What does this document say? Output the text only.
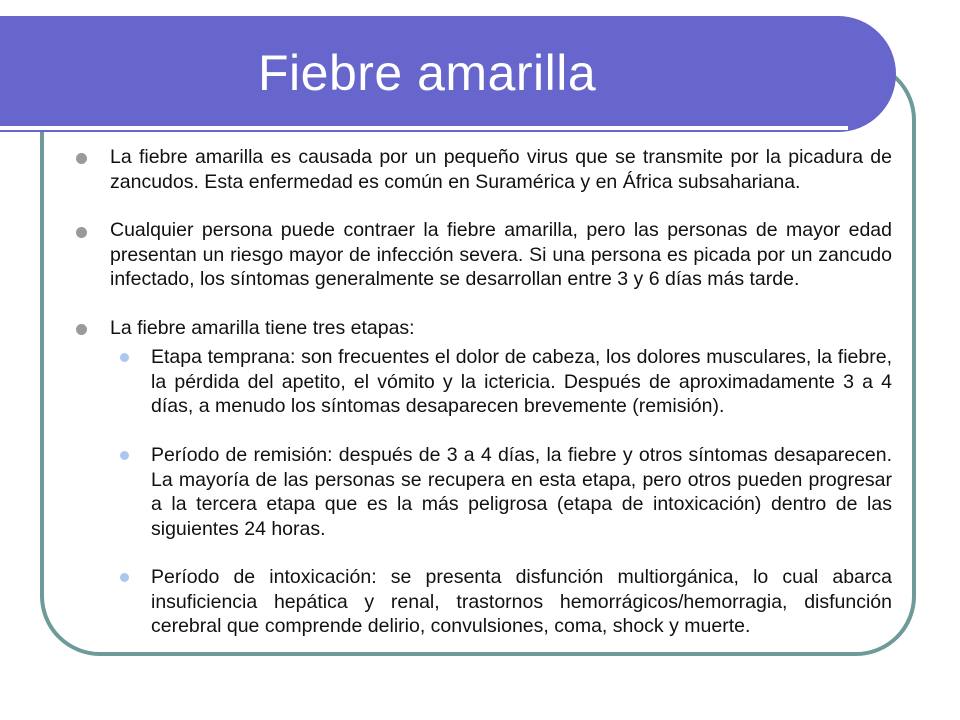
Fiebre amarilla

La fiebre amarilla es causada por un pequeño virus que se transmite por la picadura de zancudos. Esta enfermedad es común en Suramérica y en África subsahariana.

Cualquier persona puede contraer la fiebre amarilla, pero las personas de mayor edad presentan un riesgo mayor de infección severa. Si una persona es picada por un zancudo infectado, los síntomas generalmente se desarrollan entre 3 y 6 días más tarde.

La fiebre amarilla tiene tres etapas:

Etapa temprana: son frecuentes el dolor de cabeza, los dolores musculares, la fiebre, la pérdida del apetito, el vómito y la ictericia. Después de aproximadamente 3 a 4 días, a menudo los síntomas desaparecen brevemente (remisión).

Período de remisión: después de 3 a 4 días, la fiebre y otros síntomas desaparecen. La mayoría de las personas se recupera en esta etapa, pero otros pueden progresar a la tercera etapa que es la más peligrosa (etapa de intoxicación) dentro de las siguientes 24 horas.

Período de intoxicación: se presenta disfunción multiorgánica, lo cual abarca insuficiencia hepática y renal, trastornos hemorrágicos/hemorragia, disfunción cerebral que comprende delirio, convulsiones, coma, shock y muerte.
